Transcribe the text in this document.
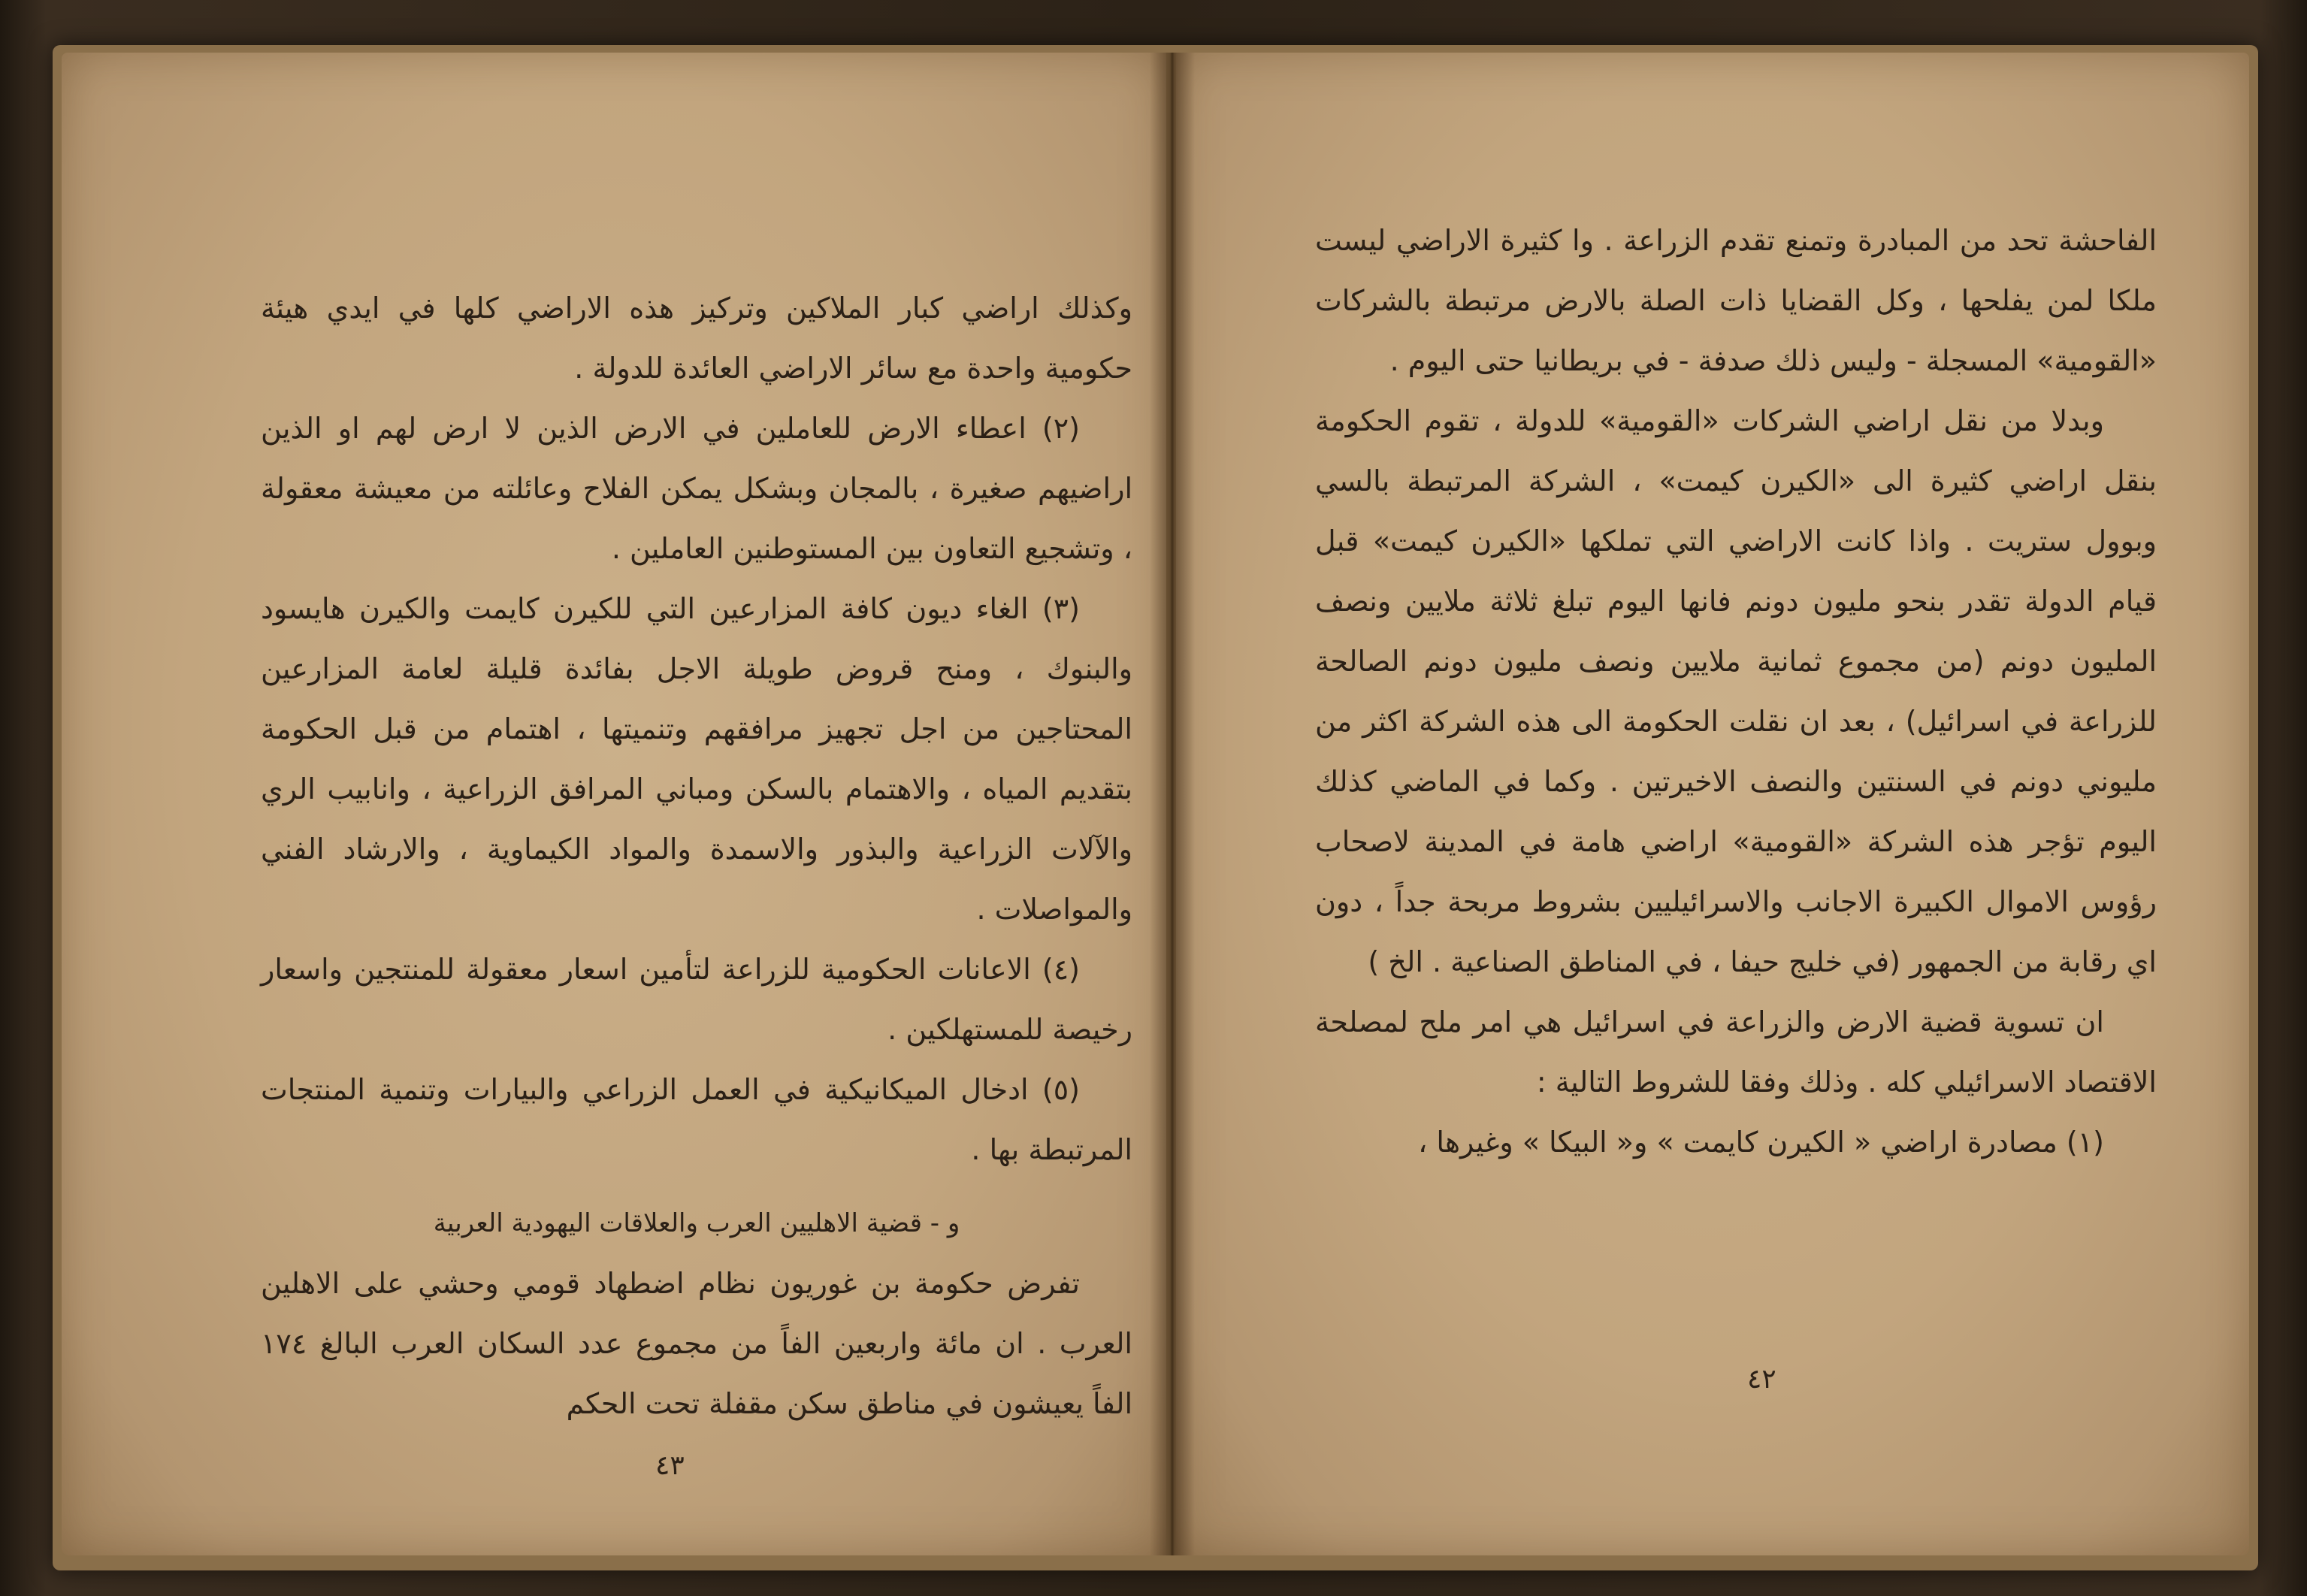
وكذلك اراضي كبار الملاكين وتركيز هذه الاراضي كلها في ايدي هيئة حكومية واحدة مع سائر الاراضي العائدة للدولة .

(٢) اعطاء الارض للعاملين في الارض الذين لا ارض لهم او الذين اراضيهم صغيرة ، بالمجان وبشكل يمكن الفلاح وعائلته من معيشة معقولة ، وتشجيع التعاون بين المستوطنين العاملين .

(٣) الغاء ديون كافة المزارعين التي للكيرن كايمت والكيرن هايسود والبنوك ، ومنح قروض طويلة الاجل بفائدة قليلة لعامة المزارعين المحتاجين من اجل تجهيز مرافقهم وتنميتها ، اهتمام من قبل الحكومة بتقديم المياه ، والاهتمام بالسكن ومباني المرافق الزراعية ، وانابيب الري والآلات الزراعية والبذور والاسمدة والمواد الكيماوية ، والارشاد الفني والمواصلات .

(٤) الاعانات الحكومية للزراعة لتأمين اسعار معقولة للمنتجين واسعار رخيصة للمستهلكين .

(٥) ادخال الميكانيكية في العمل الزراعي والبيارات وتنمية المنتجات المرتبطة بها .

و - قضية الاهليين العرب والعلاقات اليهودية العربية

تفرض حكومة بن غوريون نظام اضطهاد قومي وحشي على الاهلين العرب . ان مائة واربعين الفاً من مجموع عدد السكان العرب البالغ ١٧٤ الفاً يعيشون في مناطق سكن مقفلة تحت الحكم

٤٣

الفاحشة تحد من المبادرة وتمنع تقدم الزراعة . وا كثيرة الاراضي ليست ملكا لمن يفلحها ، وكل القضايا ذات الصلة بالارض مرتبطة بالشركات «القومية» المسجلة - وليس ذلك صدفة - في بريطانيا حتى اليوم .

وبدلا من نقل اراضي الشركات «القومية» للدولة ، تقوم الحكومة بنقل اراضي كثيرة الى «الكيرن كيمت» ، الشركة المرتبطة بالسي وبوول ستريت . واذا كانت الاراضي التي تملكها «الكيرن كيمت» قبل قيام الدولة تقدر بنحو مليون دونم فانها اليوم تبلغ ثلاثة ملايين ونصف المليون دونم (من مجموع ثمانية ملايين ونصف مليون دونم الصالحة للزراعة في اسرائيل) ، بعد ان نقلت الحكومة الى هذه الشركة اكثر من مليوني دونم في السنتين والنصف الاخيرتين . وكما في الماضي كذلك اليوم تؤجر هذه الشركة «القومية» اراضي هامة في المدينة لاصحاب رؤوس الاموال الكبيرة الاجانب والاسرائيليين بشروط مربحة جداً ، دون اي رقابة من الجمهور (في خليج حيفا ، في المناطق الصناعية . الخ )

ان تسوية قضية الارض والزراعة في اسرائيل هي امر ملح لمصلحة الاقتصاد الاسرائيلي كله . وذلك وفقا للشروط التالية :

(١) مصادرة اراضي « الكيرن كايمت » و« البيكا » وغيرها ،

٤٢
